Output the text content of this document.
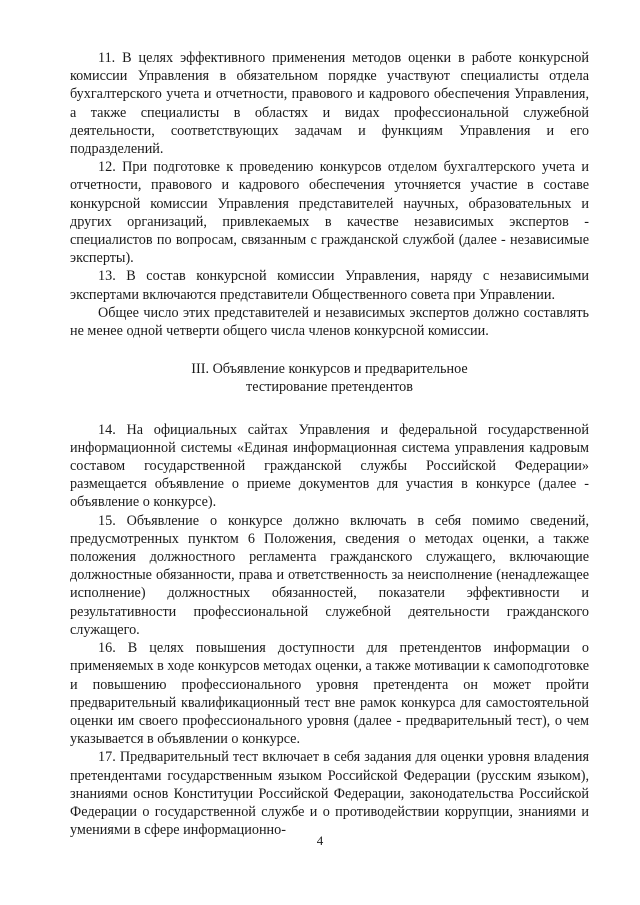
11. В целях эффективного применения методов оценки в работе конкурсной комиссии Управления в обязательном порядке участвуют специалисты отдела бухгалтерского учета и отчетности, правового и кадрового обеспечения Управления, а также специалисты в областях и видах профессиональной служебной деятельности, соответствующих задачам и функциям Управления и его подразделений.

12. При подготовке к проведению конкурсов отделом бухгалтерского учета и отчетности, правового и кадрового обеспечения уточняется участие в составе конкурсной комиссии Управления представителей научных, образовательных и других организаций, привлекаемых в качестве независимых экспертов - специалистов по вопросам, связанным с гражданской службой (далее - независимые эксперты).

13. В состав конкурсной комиссии Управления, наряду с независимыми экспертами включаются представители Общественного совета при Управлении.

Общее число этих представителей и независимых экспертов должно составлять не менее одной четверти общего числа членов конкурсной комиссии.

III. Объявление конкурсов и предварительное
тестирование претендентов

14. На официальных сайтах Управления и федеральной государственной информационной системы «Единая информационная система управления кадровым составом государственной гражданской службы Российской Федерации» размещается объявление о приеме документов для участия в конкурсе (далее - объявление о конкурсе).

15. Объявление о конкурсе должно включать в себя помимо сведений, предусмотренных пунктом 6 Положения, сведения о методах оценки, а также положения должностного регламента гражданского служащего, включающие должностные обязанности, права и ответственность за неисполнение (ненадлежащее исполнение) должностных обязанностей, показатели эффективности и результативности профессиональной служебной деятельности гражданского служащего.

16. В целях повышения доступности для претендентов информации о применяемых в ходе конкурсов методах оценки, а также мотивации к самоподготовке и повышению профессионального уровня претендента он может пройти предварительный квалификационный тест вне рамок конкурса для самостоятельной оценки им своего профессионального уровня (далее - предварительный тест), о чем указывается в объявлении о конкурсе.

17. Предварительный тест включает в себя задания для оценки уровня владения претендентами государственным языком Российской Федерации (русским языком), знаниями основ Конституции Российской Федерации, законодательства Российской Федерации о государственной службе и о противодействии коррупции, знаниями и умениями в сфере информационно-

4
